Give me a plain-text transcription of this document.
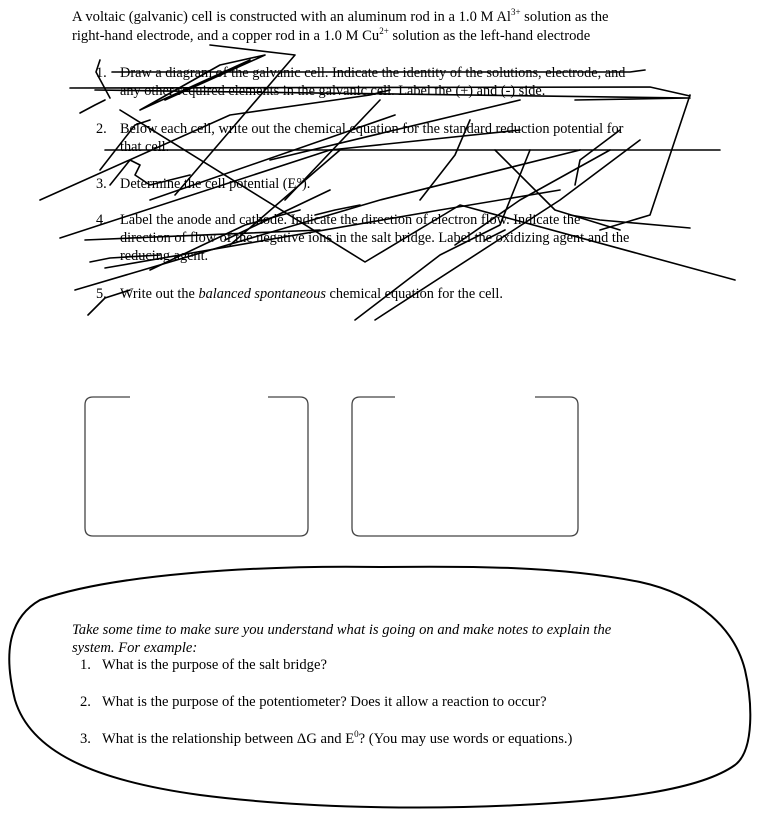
A voltaic (galvanic) cell is constructed with an aluminum rod in a 1.0 M $Al^{3+}$ solution as the
right-hand electrode, and a copper rod in a 1.0 M $Cu^{2+}$ solution as the left-hand electrode
1. Draw a diagram of the galvanic cell. Indicate the identity of the solutions, electrode, and
any other required elements in the galvanic cell. Label the (+) and (-) side.
2. Below each cell, write out the chemical equation for the standard reduction potential for
that cell.
3. Determine the cell potential (E°).
4. Label the anode and cathode. Indicate the direction of electron flow. Indicate the
direction of flow of the negative ions in the salt bridge. Label the oxidizing agent and the
reducing agent.
5. Write out the balanced spontaneous chemical equation for the cell.
Take some time to make sure you understand what is going on and make notes to explain the
system. For example:
1. What is the purpose of the salt bridge?
2. What is the purpose of the potentiometer? Does it allow a reaction to occur?
3. What is the relationship between ΔG and $E^0$? (You may use words or equations.)
